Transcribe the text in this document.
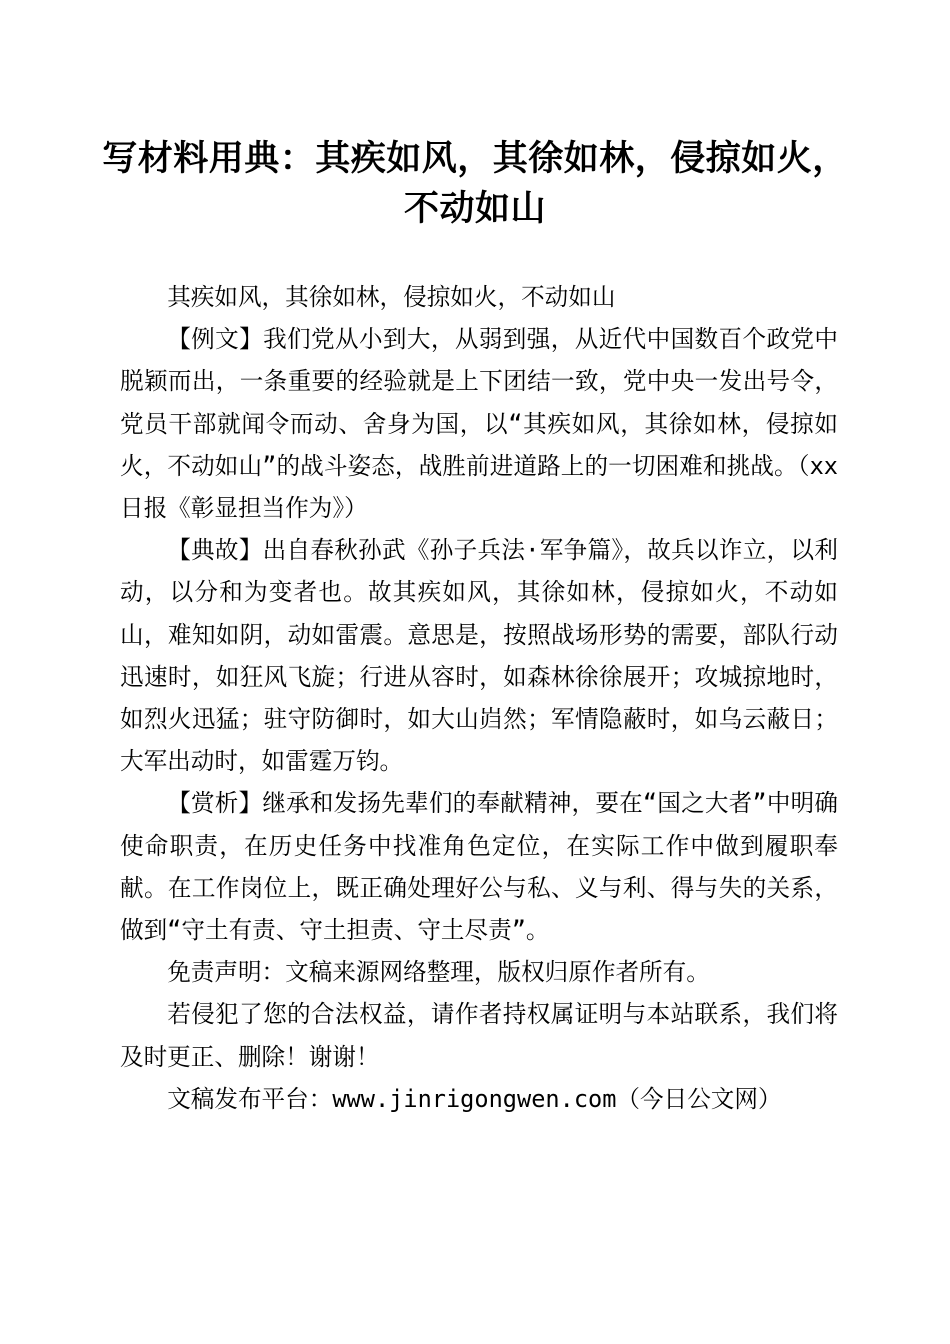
写材料用典：其疾如风，其徐如林，侵掠如火，
不动如山

其疾如风，其徐如林，侵掠如火，不动如山

【例文】我们党从小到大，从弱到强，从近代中国数百个政党中脱颖而出，一条重要的经验就是上下团结一致，党中央一发出号令，党员干部就闻令而动、舍身为国，以“其疾如风，其徐如林，侵掠如火，不动如山”的战斗姿态，战胜前进道路上的一切困难和挑战。（xx日报《彰显担当作为》）

【典故】出自春秋孙武《孙子兵法·军争篇》，故兵以诈立，以利动，以分和为变者也。故其疾如风，其徐如林，侵掠如火，不动如山，难知如阴，动如雷震。意思是，按照战场形势的需要，部队行动迅速时，如狂风飞旋；行进从容时，如森林徐徐展开；攻城掠地时，如烈火迅猛；驻守防御时，如大山岿然；军情隐蔽时，如乌云蔽日；大军出动时，如雷霆万钧。

【赏析】继承和发扬先辈们的奉献精神，要在“国之大者”中明确使命职责，在历史任务中找准角色定位，在实际工作中做到履职奉献。在工作岗位上，既正确处理好公与私、义与利、得与失的关系，做到“守土有责、守土担责、守土尽责”。

免责声明：文稿来源网络整理，版权归原作者所有。

若侵犯了您的合法权益，请作者持权属证明与本站联系，我们将及时更正、删除！谢谢！

文稿发布平台：www.jinrigongwen.com（今日公文网）
